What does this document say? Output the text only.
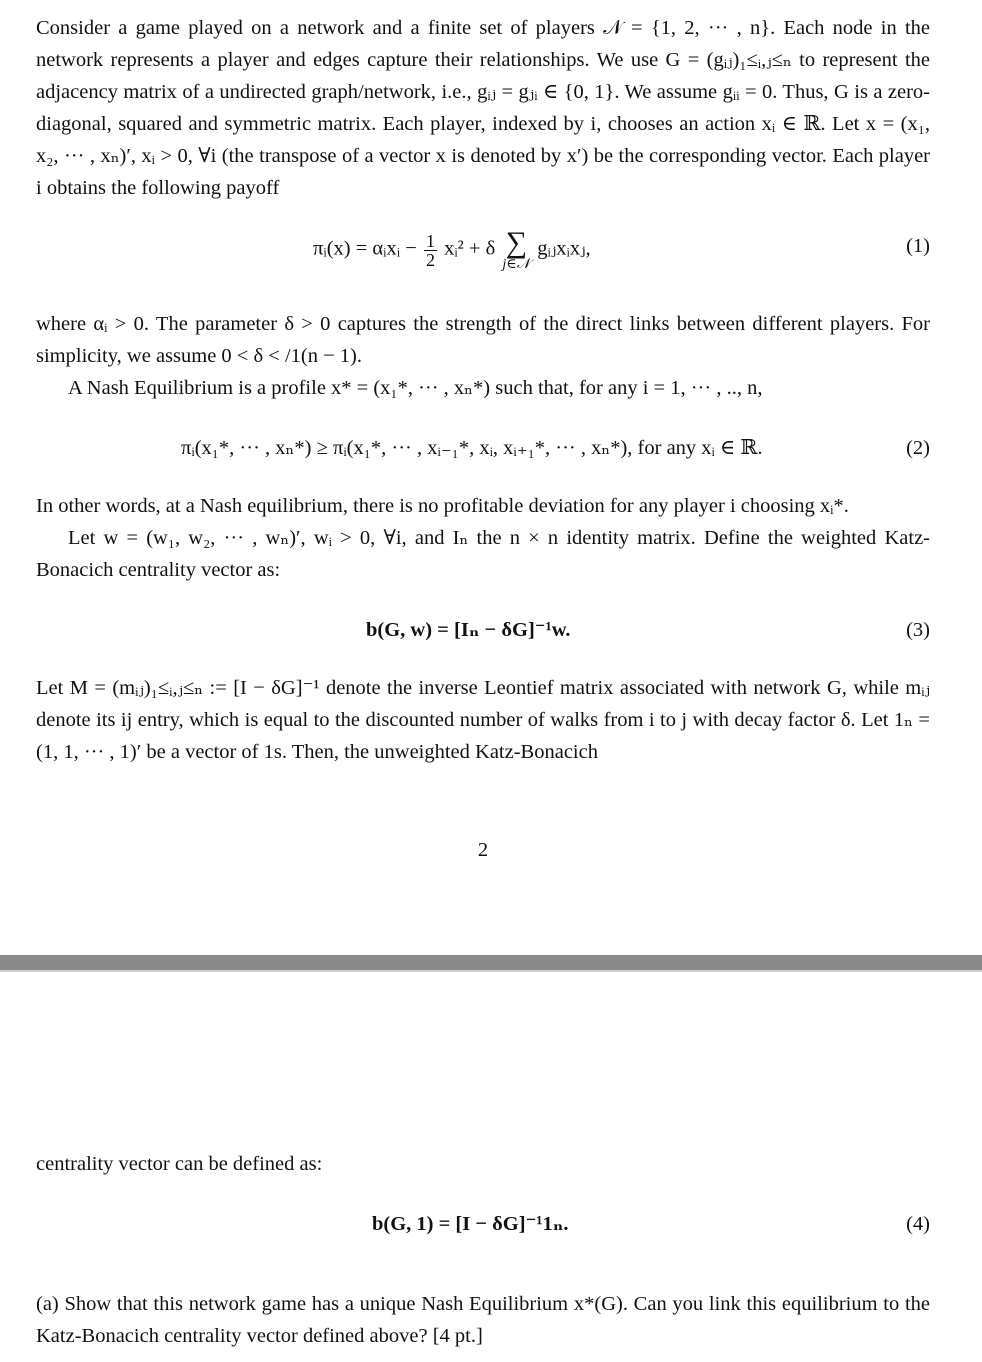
Consider a game played on a network and a finite set of players 𝒩 = {1, 2, ··· , n}. Each node in the network represents a player and edges capture their relationships. We use G = (gᵢⱼ)₁≤ᵢ,ⱼ≤ₙ to represent the adjacency matrix of a undirected graph/network, i.e., gᵢⱼ = gⱼᵢ ∈ {0, 1}. We assume gᵢᵢ = 0. Thus, G is a zero-diagonal, squared and symmetric matrix. Each player, indexed by i, chooses an action xᵢ ∈ ℝ. Let x = (x₁, x₂, ··· , xₙ)′, xᵢ > 0, ∀i (the transpose of a vector x is denoted by x′) be the corresponding vector. Each player i obtains the following payoff

πᵢ(x) = αᵢxᵢ − $\frac{1}{2}$ xᵢ² + δ ∑
j∈𝒩
gᵢⱼxᵢxⱼ,	(1)

where αᵢ > 0. The parameter δ > 0 captures the strength of the direct links between different players. For simplicity, we assume 0 < δ < /1(n − 1).

A Nash Equilibrium is a profile x* = (x₁*, ··· , xₙ*) such that, for any i = 1, ··· , .., n,

πᵢ(x₁*, ··· , xₙ*) ≥ πᵢ(x₁*, ··· , xᵢ₋₁*, xᵢ, xᵢ₊₁*, ··· , xₙ*), for any xᵢ ∈ ℝ.	(2)

In other words, at a Nash equilibrium, there is no profitable deviation for any player i choosing xᵢ*.

Let w = (w₁, w₂, ··· , wₙ)′, wᵢ > 0, ∀i, and Iₙ the n × n identity matrix. Define the weighted Katz-Bonacich centrality vector as:

b(G, w) = [Iₙ − δG]⁻¹w.	(3)

Let M = (mᵢⱼ)₁≤ᵢ,ⱼ≤ₙ := [I − δG]⁻¹ denote the inverse Leontief matrix associated with network G, while mᵢⱼ denote its ij entry, which is equal to the discounted number of walks from i to j with decay factor δ. Let 1ₙ = (1, 1, ··· , 1)′ be a vector of 1s. Then, the unweighted Katz-Bonacich

2

centrality vector can be defined as:

b(G, 1) = [I − δG]⁻¹1ₙ.	(4)

(a) Show that this network game has a unique Nash Equilibrium x*(G). Can you link this equilibrium to the Katz-Bonacich centrality vector defined above? [4 pt.]
